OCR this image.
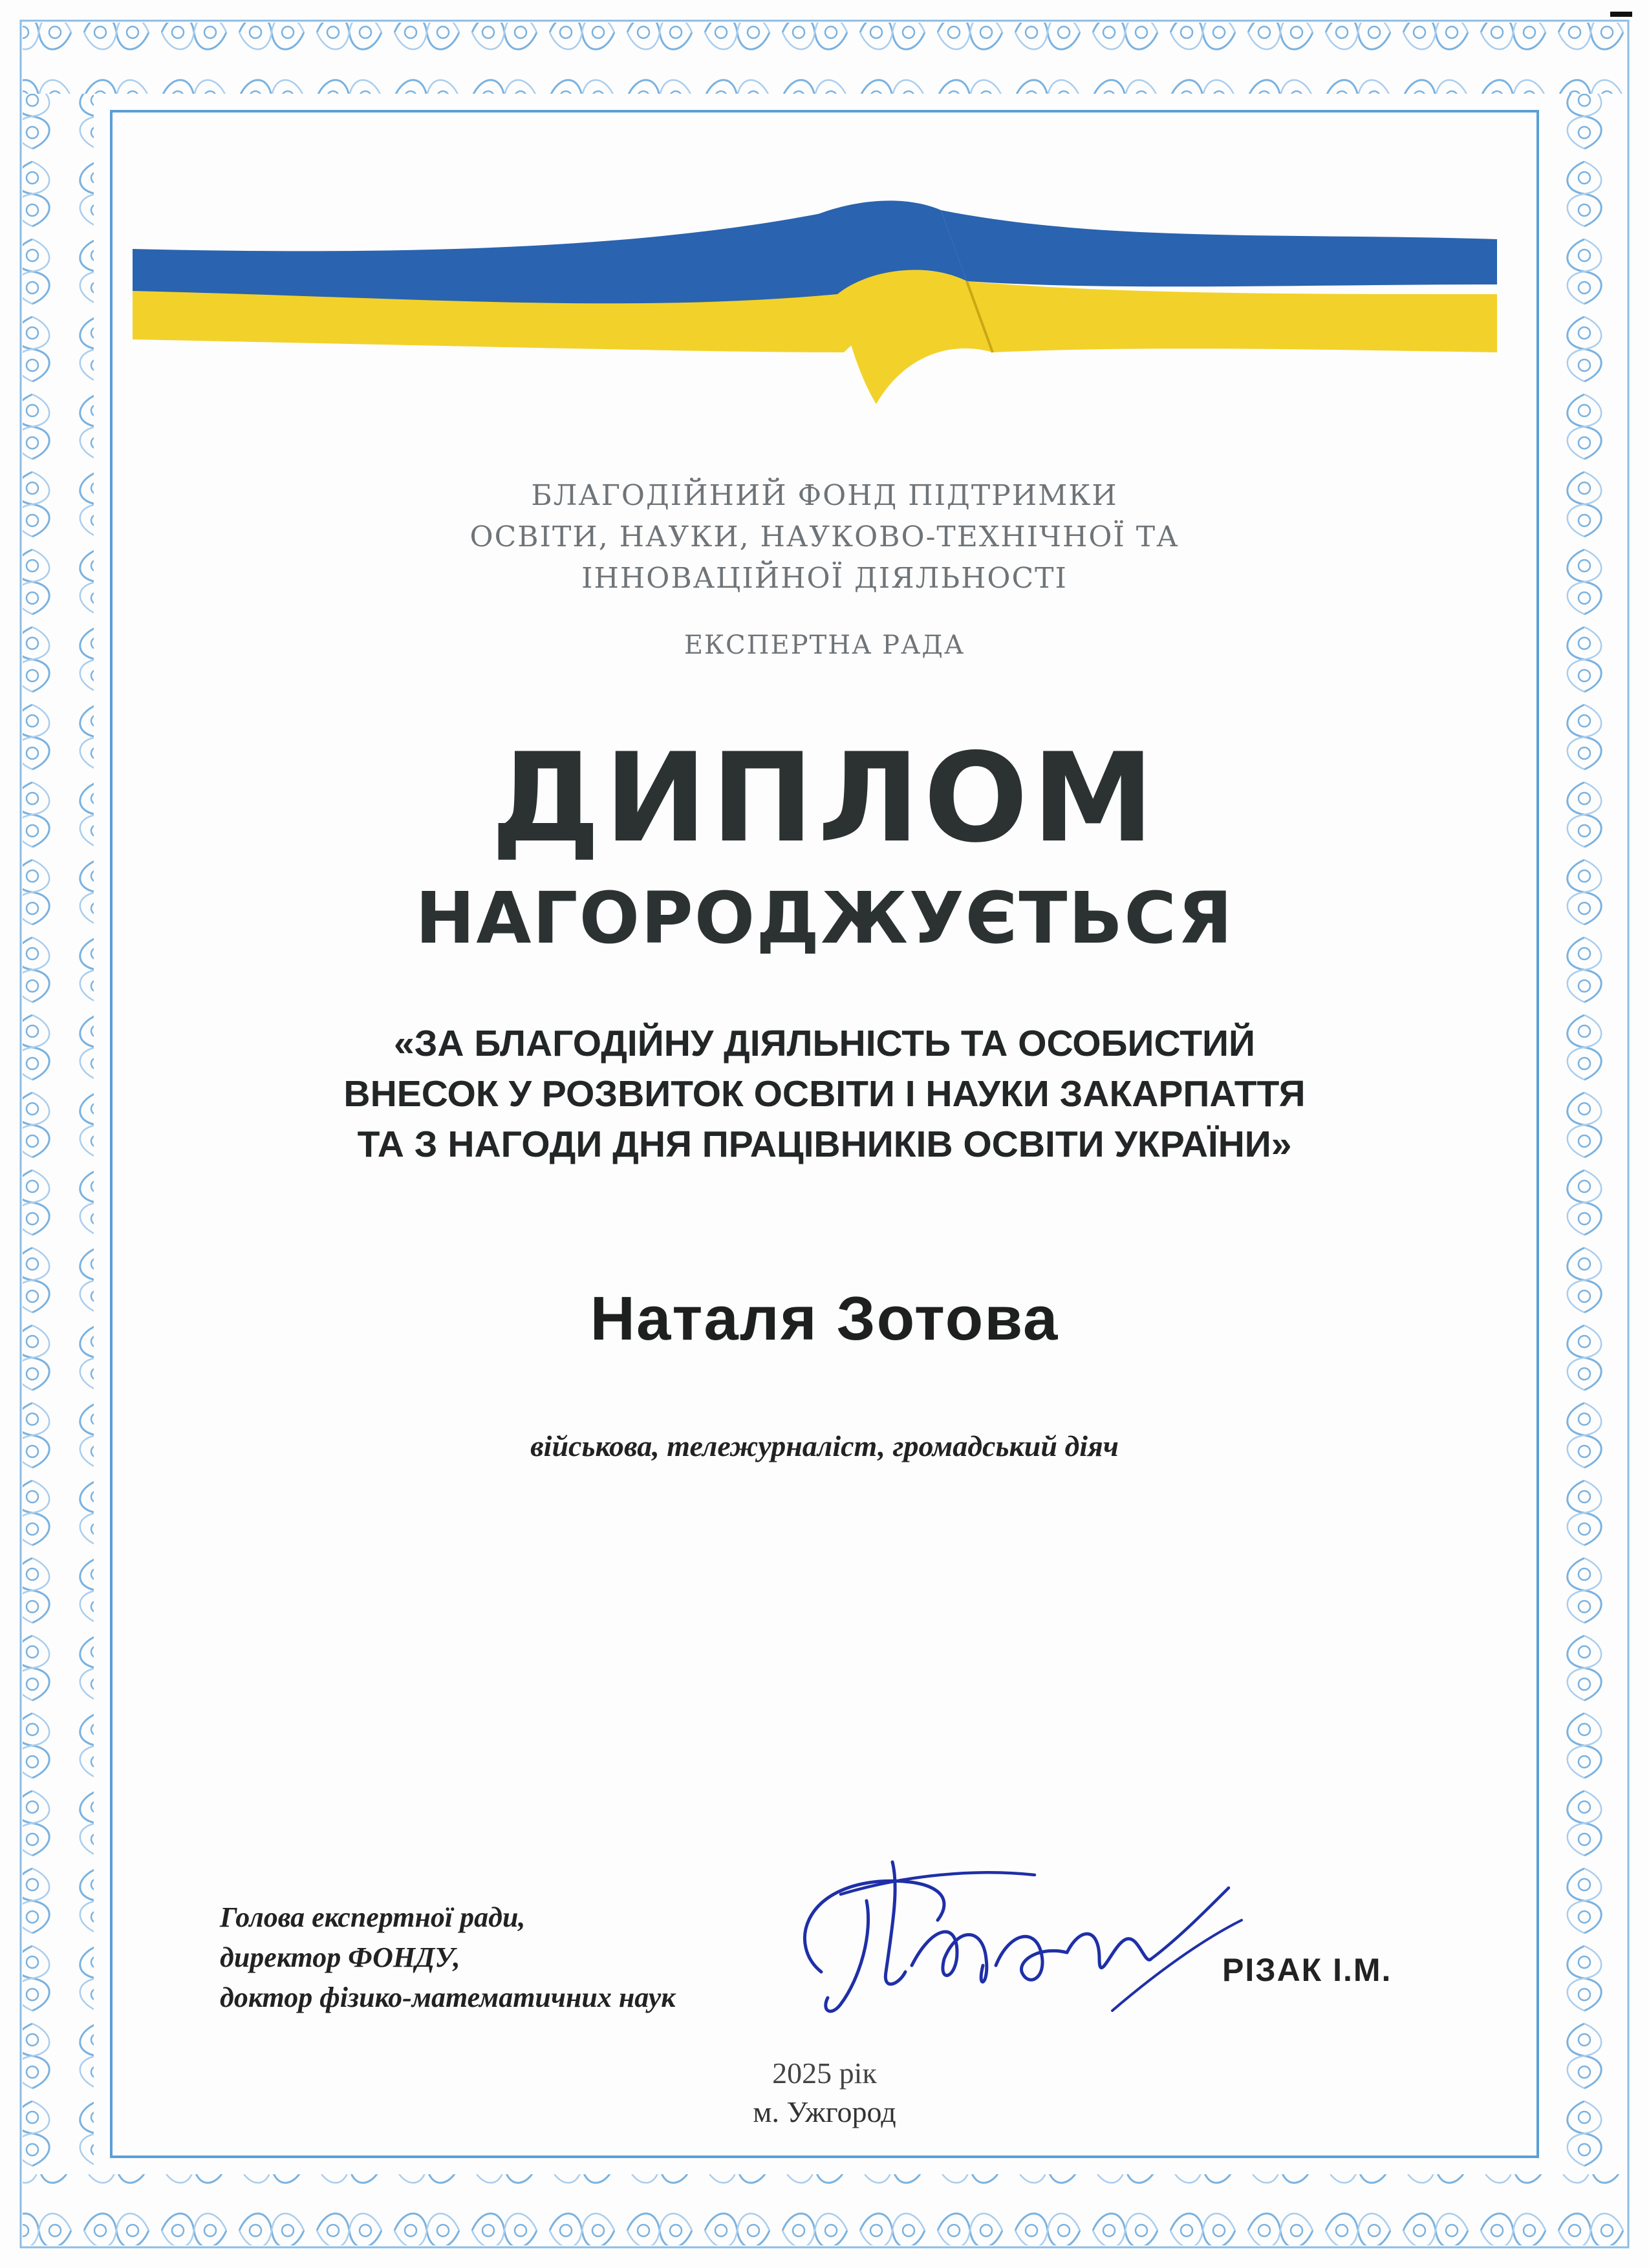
БЛАГОДІЙНИЙ ФОНД ПІДТРИМКИ
ОСВІТИ, НАУКИ, НАУКОВО-ТЕХНІЧНОЇ ТА
ІННОВАЦІЙНОЇ ДІЯЛЬНОСТІ
ЕКСПЕРТНА РАДА
ДИПЛОМ
НАГОРОДЖУЄТЬСЯ
«ЗА БЛАГОДІЙНУ ДІЯЛЬНІСТЬ ТА ОСОБИСТИЙ
ВНЕСОК У РОЗВИТОК ОСВІТИ І НАУКИ ЗАКАРПАТТЯ
ТА З НАГОДИ ДНЯ ПРАЦІВНИКІВ ОСВІТИ УКРАЇНИ»
Наталя Зотова
військова, тележурналіст, громадський діяч
Голова експертної ради,
директор ФОНДУ,
доктор фізико-математичних наук
РІЗАК І.М.
2025 рік
м. Ужгород
